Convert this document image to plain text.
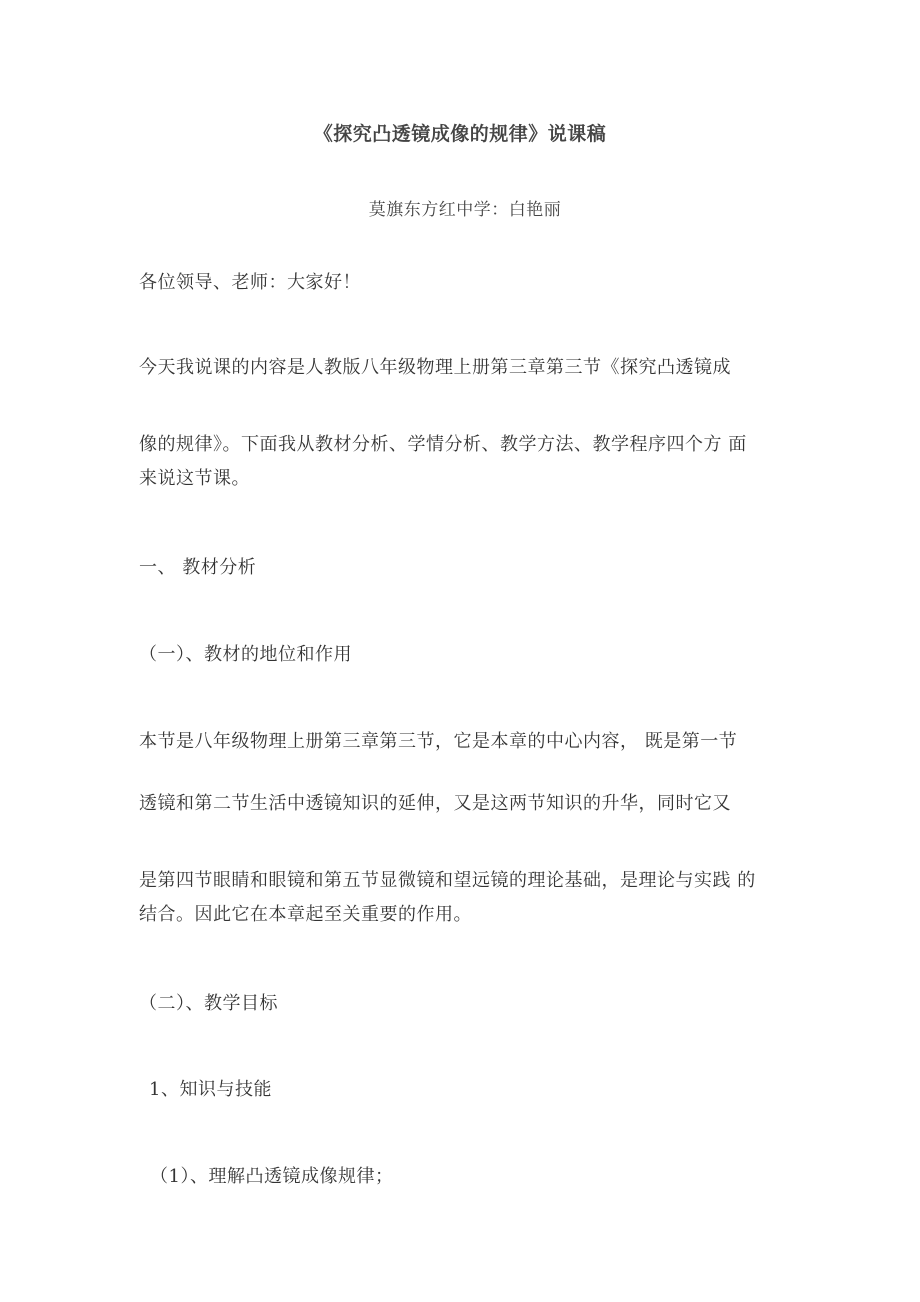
《探究凸透镜成像的规律》说课稿
莫旗东方红中学：白艳丽
各位领导、老师：大家好！
今天我说课的内容是人教版八年级物理上册第三章第三节《探究凸透镜成
像的规律》。下面我从教材分析、学情分析、教学方法、教学程序四个方 面
来说这节课。
一、 教材分析
（一）、教材的地位和作用
本节是八年级物理上册第三章第三节，它是本章的中心内容， 既是第一节
透镜和第二节生活中透镜知识的延伸，又是这两节知识的升华，同时它又
是第四节眼睛和眼镜和第五节显微镜和望远镜的理论基础，是理论与实践 的
结合。因此它在本章起至关重要的作用。
（二）、教学目标
1、知识与技能
（1）、理解凸透镜成像规律；
